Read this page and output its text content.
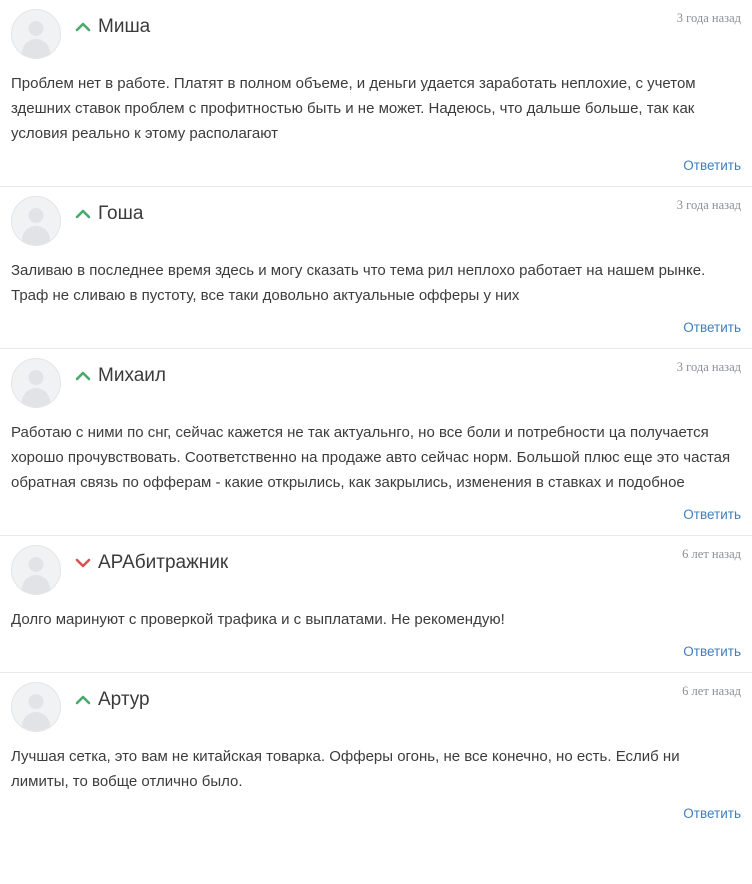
Миша	3 года назад
Проблем нет в работе. Платят в полном объеме, и деньги удается заработать неплохие, с учетом здешних ставок проблем с профитностью быть и не может. Надеюсь, что дальше больше, так как условия реально к этому располагают
Ответить
Гоша	3 года назад
Заливаю в последнее время здесь и могу сказать что тема рил неплохо работает на нашем рынке. Траф не сливаю в пустоту, все таки довольно актуальные офферы у них
Ответить
Михаил	3 года назад
Работаю с ними по снг, сейчас кажется не так актуальнго, но все боли и потребности ца получается хорошо прочувствовать. Соответственно на продаже авто сейчас норм. Большой плюс еще это частая обратная связь по офферам - какие открылись, как закрылись, изменения в ставках и подобное
Ответить
АРАбитражник	6 лет назад
Долго маринуют с проверкой трафика и с выплатами. Не рекомендую!
Ответить
Артур	6 лет назад
Лучшая сетка, это вам не китайская товарка. Офферы огонь, не все конечно, но есть. Еслиб ни лимиты, то вобще отлично было.
Ответить
